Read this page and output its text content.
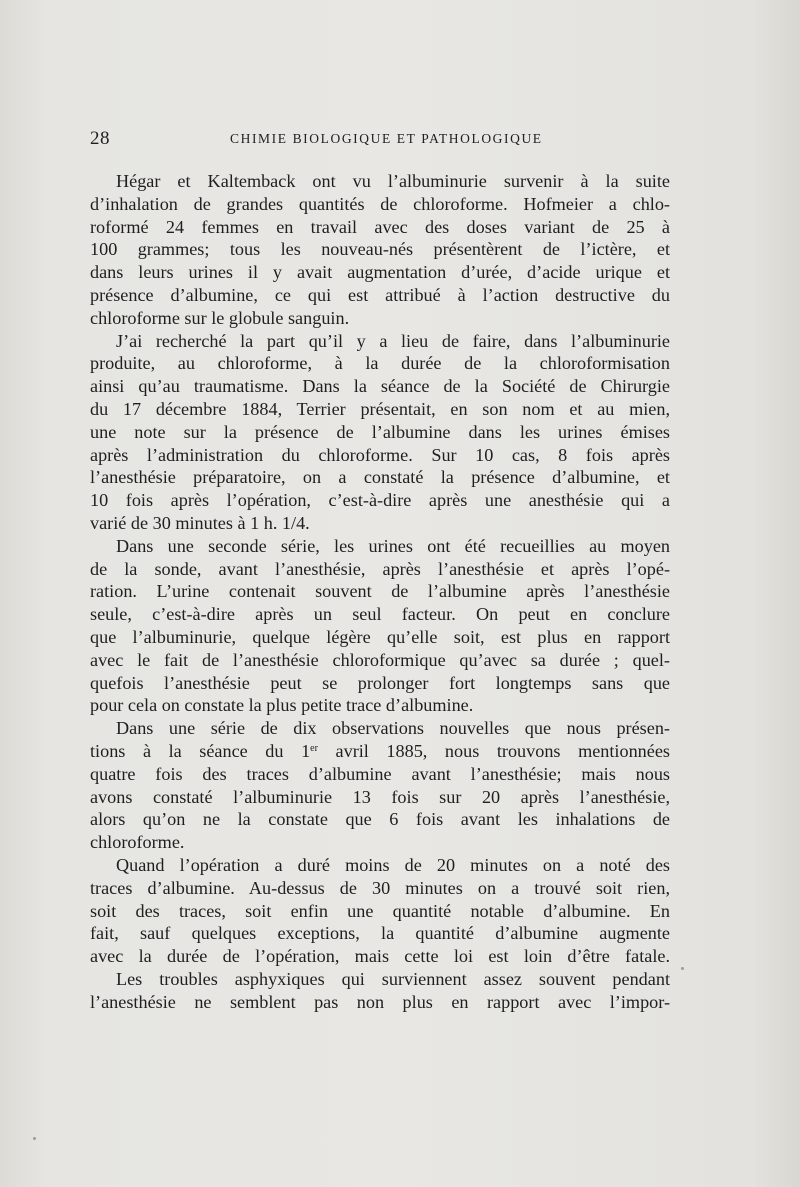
28	CHIMIE BIOLOGIQUE ET PATHOLOGIQUE

Hégar et Kaltemback ont vu l’albuminurie survenir à la suite
d’inhalation de grandes quantités de chloroforme. Hofmeier a chlo-
roformé 24 femmes en travail avec des doses variant de 25 à
100 grammes; tous les nouveau-nés présentèrent de l’ictère, et
dans leurs urines il y avait augmentation d’urée, d’acide urique et
présence d’albumine, ce qui est attribué à l’action destructive du
chloroforme sur le globule sanguin.

J’ai recherché la part qu’il y a lieu de faire, dans l’albuminurie
produite, au chloroforme, à la durée de la chloroformisation
ainsi qu’au traumatisme. Dans la séance de la Société de Chirurgie
du 17 décembre 1884, Terrier présentait, en son nom et au mien,
une note sur la présence de l’albumine dans les urines émises
après l’administration du chloroforme. Sur 10 cas, 8 fois après
l’anesthésie préparatoire, on a constaté la présence d’albumine, et
10 fois après l’opération, c’est-à-dire après une anesthésie qui a
varié de 30 minutes à 1 h. 1/4.

Dans une seconde série, les urines ont été recueillies au moyen
de la sonde, avant l’anesthésie, après l’anesthésie et après l’opé-
ration. L’urine contenait souvent de l’albumine après l’anesthésie
seule, c’est-à-dire après un seul facteur. On peut en conclure
que l’albuminurie, quelque légère qu’elle soit, est plus en rapport
avec le fait de l’anesthésie chloroformique qu’avec sa durée ; quel-
quefois l’anesthésie peut se prolonger fort longtemps sans que
pour cela on constate la plus petite trace d’albumine.

Dans une série de dix observations nouvelles que nous présen-
tions à la séance du 1er avril 1885, nous trouvons mentionnées
quatre fois des traces d’albumine avant l’anesthésie; mais nous
avons constaté l’albuminurie 13 fois sur 20 après l’anesthésie,
alors qu’on ne la constate que 6 fois avant les inhalations de
chloroforme.

Quand l’opération a duré moins de 20 minutes on a noté des
traces d’albumine. Au-dessus de 30 minutes on a trouvé soit rien,
soit des traces, soit enfin une quantité notable d’albumine. En
fait, sauf quelques exceptions, la quantité d’albumine augmente
avec la durée de l’opération, mais cette loi est loin d’être fatale.

Les troubles asphyxiques qui surviennent assez souvent pendant
l’anesthésie ne semblent pas non plus en rapport avec l’impor-
